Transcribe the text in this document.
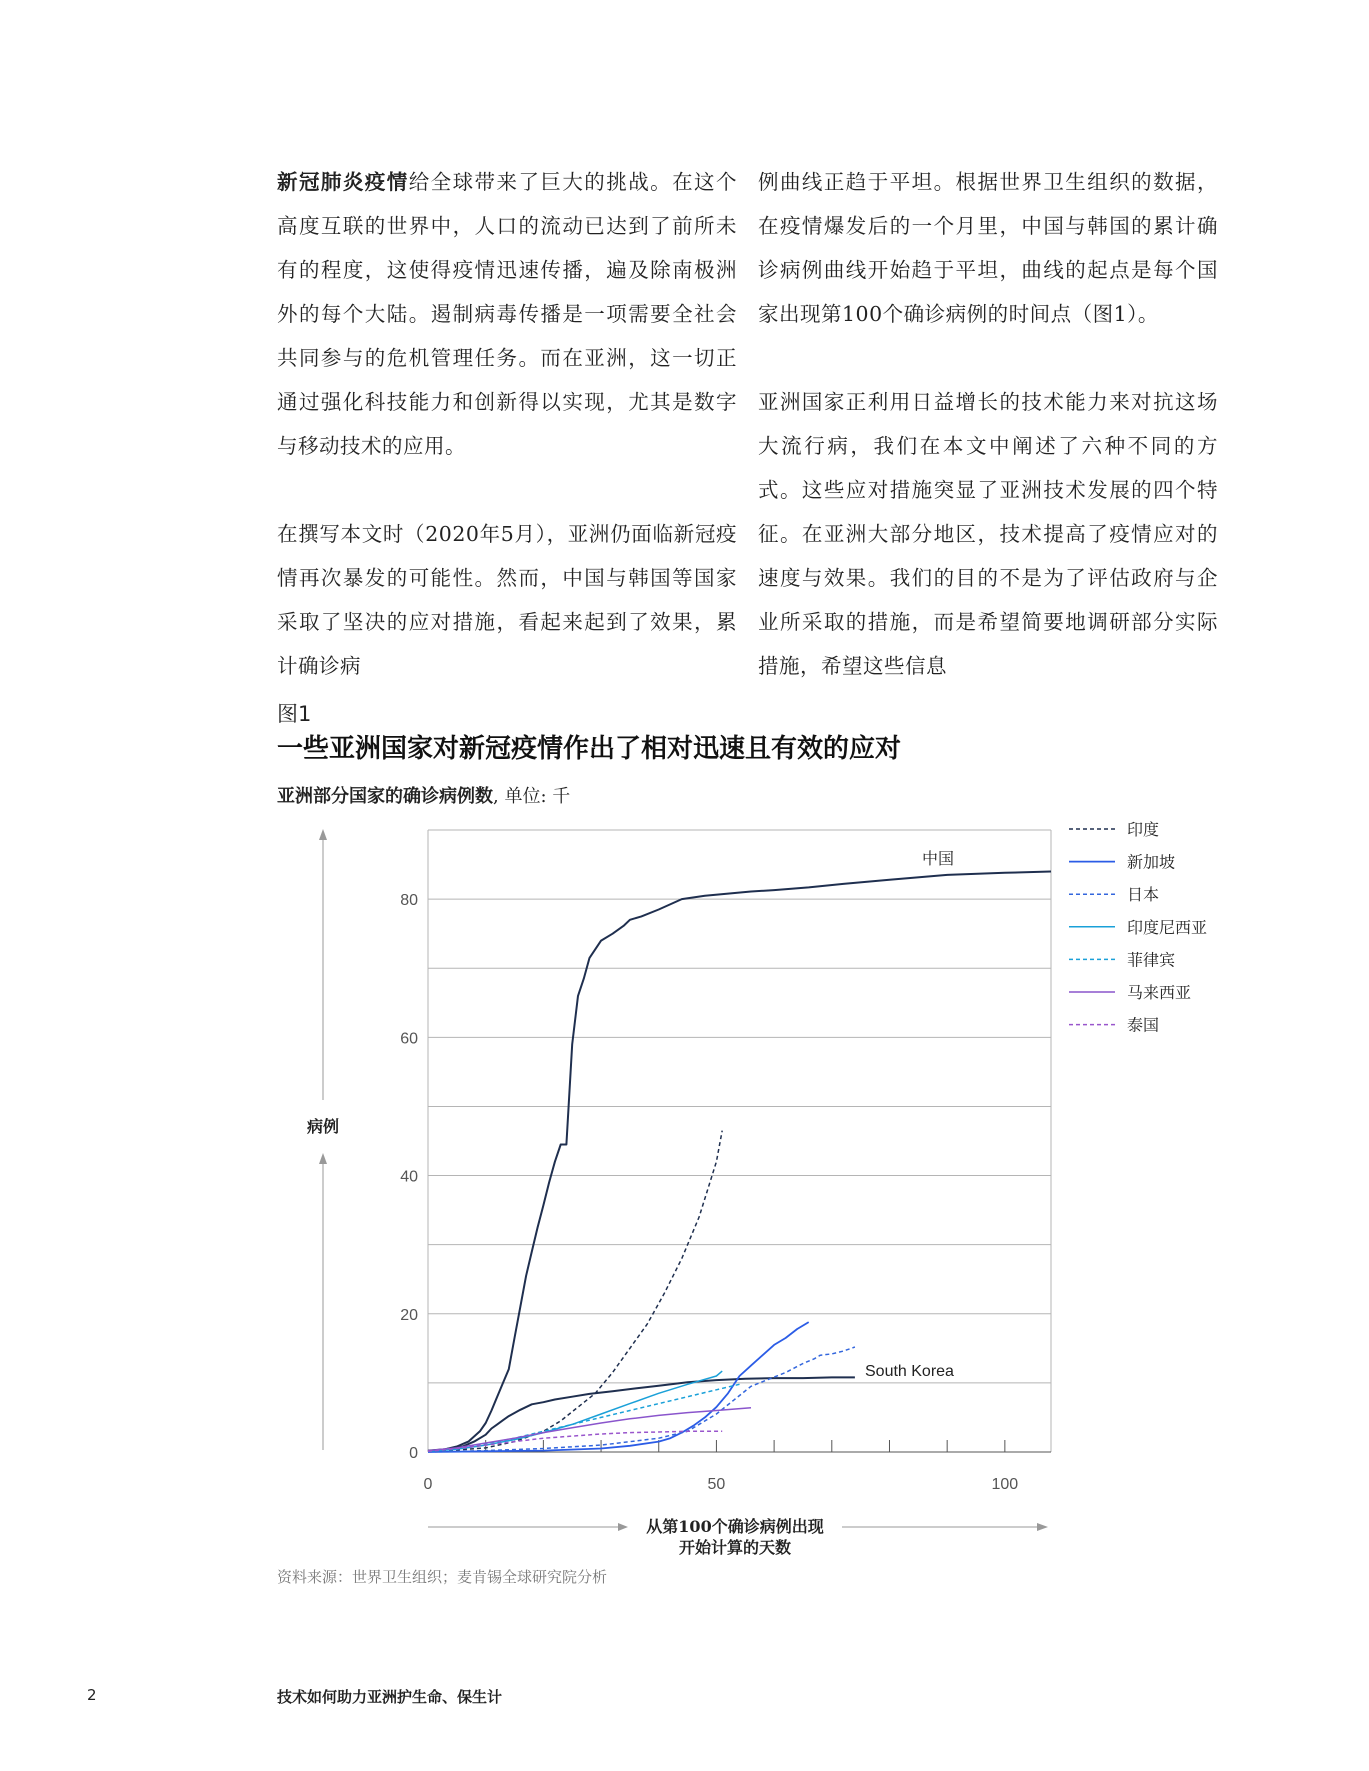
新冠肺炎疫情给全球带来了巨大的挑战。在这个高度互联的世界中，人口的流动已达到了前所未有的程度，这使得疫情迅速传播，遍及除南极洲外的每个大陆。遏制病毒传播是一项需要全社会共同参与的危机管理任务。而在亚洲，这一切正通过强化科技能力和创新得以实现，尤其是数字与移动技术的应用。
在撰写本文时（2020年5月），亚洲仍面临新冠疫情再次暴发的可能性。然而，中国与韩国等国家采取了坚决的应对措施，看起来起到了效果，累计确诊病
例曲线正趋于平坦。根据世界卫生组织的数据，在疫情爆发后的一个月里，中国与韩国的累计确诊病例曲线开始趋于平坦，曲线的起点是每个国家出现第100个确诊病例的时间点（图1）。
亚洲国家正利用日益增长的技术能力来对抗这场大流行病，我们在本文中阐述了六种不同的方式。这些应对措施突显了亚洲技术发展的四个特征。在亚洲大部分地区，技术提高了疫情应对的速度与效果。我们的目的不是为了评估政府与企业所采取的措施，而是希望简要地调研部分实际措施，希望这些信息
图1
一些亚洲国家对新冠疫情作出了相对迅速且有效的应对
亚洲部分国家的确诊病例数, 单位: 千
印度
新加坡
日本
印度尼西亚
菲律宾
马来西亚
泰国
0
20
40
60
80
0	50	100
病例
从第100个确诊病例出现
开始计算的天数
中国
South Korea
资料来源：世界卫生组织；麦肯锡全球研究院分析
2	技术如何助力亚洲护生命、保生计
